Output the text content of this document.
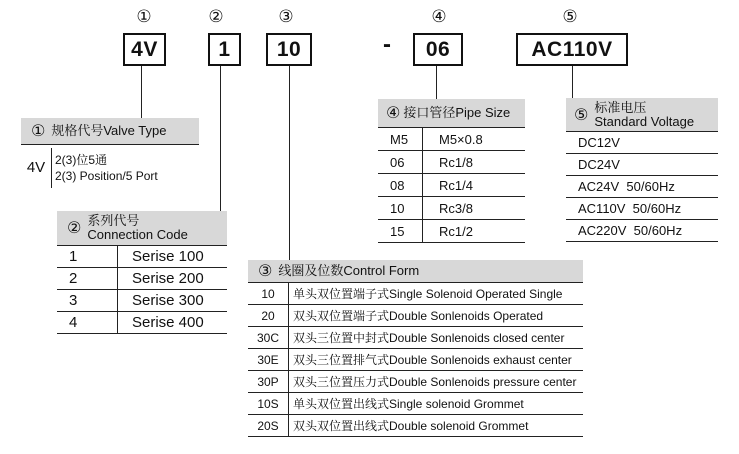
①	②	③	④	⑤
4V	1	10	-	06	AC110V
① 规格代号Valve Type
4V 2(3)位5通
2(3) Position/5 Port
② 系列代号
Connection Code
1	Serise 100
2	Serise 200
3	Serise 300
4	Serise 400
③ 线圈及位数Control Form
10	单头双位置端子式Single Solenoid Operated Single
20	双头双位置端子式Double Sonlenoids Operated
30C	双头三位置中封式Double Sonlenoids closed center
30E	双头三位置排气式Double Sonlenoids exhaust center
30P	双头三位置压力式Double Sonlenoids pressure center
10S	单头双位置出线式Single solenoid Grommet
20S	双头双位置出线式Double solenoid Grommet
④ 接口管径Pipe Size
M5	M5×0.8
06	Rc1/8
08	Rc1/4
10	Rc3/8
15	Rc1/2
⑤ 标准电压
Standard Voltage
DC12V
DC24V
AC24V  50/60Hz
AC110V  50/60Hz
AC220V  50/60Hz
